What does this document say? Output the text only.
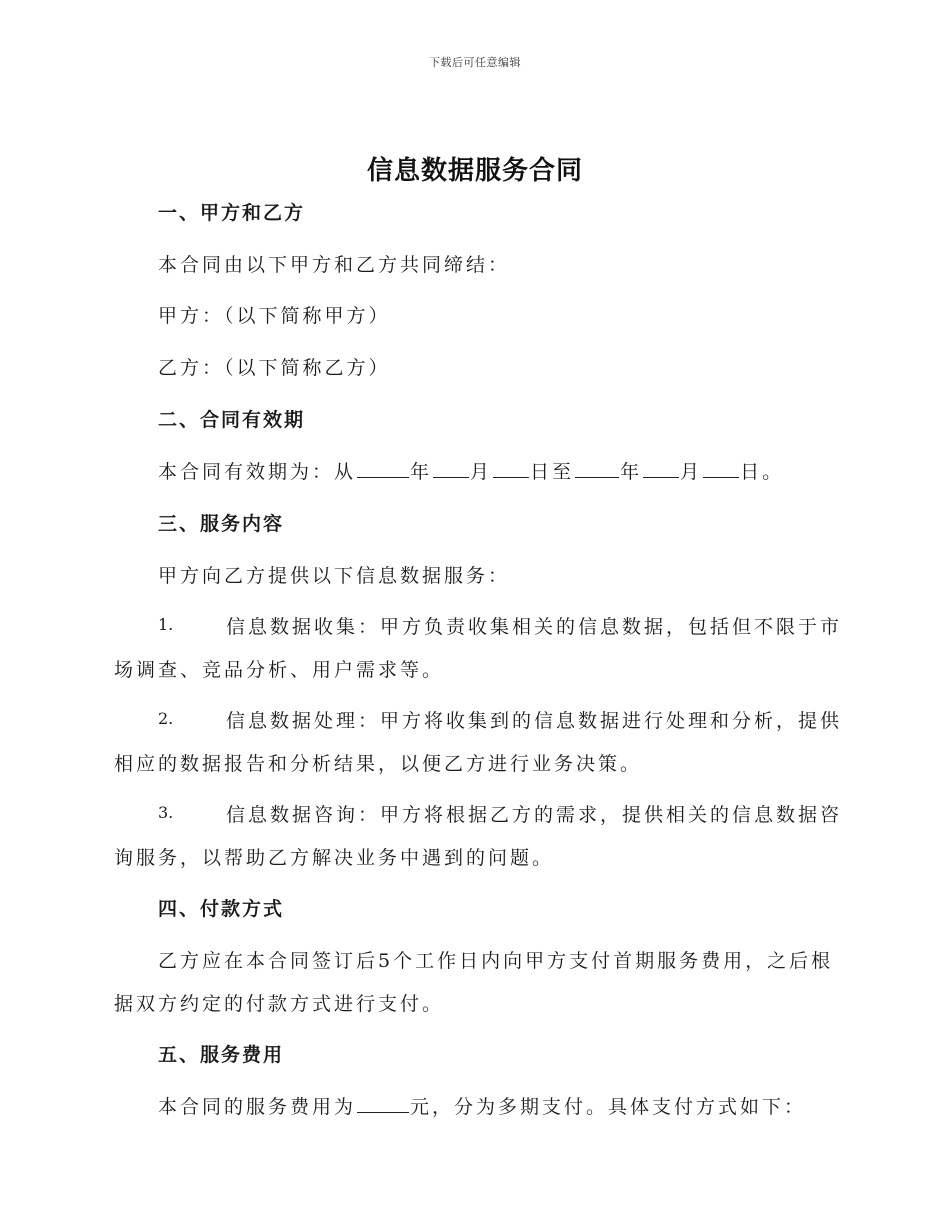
下载后可任意编辑
信息数据服务合同
一、甲方和乙方
本合同由以下甲方和乙方共同缔结：
甲方：（以下简称甲方）
乙方：（以下简称乙方）
二、合同有效期
本合同有效期为：从	年 月 日至 年 月 日。
三、服务内容
甲方向乙方提供以下信息数据服务：
1.	信息数据收集：甲方负责收集相关的信息数据，包括但不限于市
场调查、竞品分析、用户需求等。
2.	信息数据处理：甲方将收集到的信息数据进行处理和分析，提供
相应的数据报告和分析结果，以便乙方进行业务决策。
3.	信息数据咨询：甲方将根据乙方的需求，提供相关的信息数据咨
询服务，以帮助乙方解决业务中遇到的问题。
四、付款方式
乙方应在本合同签订后5个工作日内向甲方支付首期服务费用，之后根
据双方约定的付款方式进行支付。
五、服务费用
本合同的服务费用为	元，分为多期支付。具体支付方式如下：
